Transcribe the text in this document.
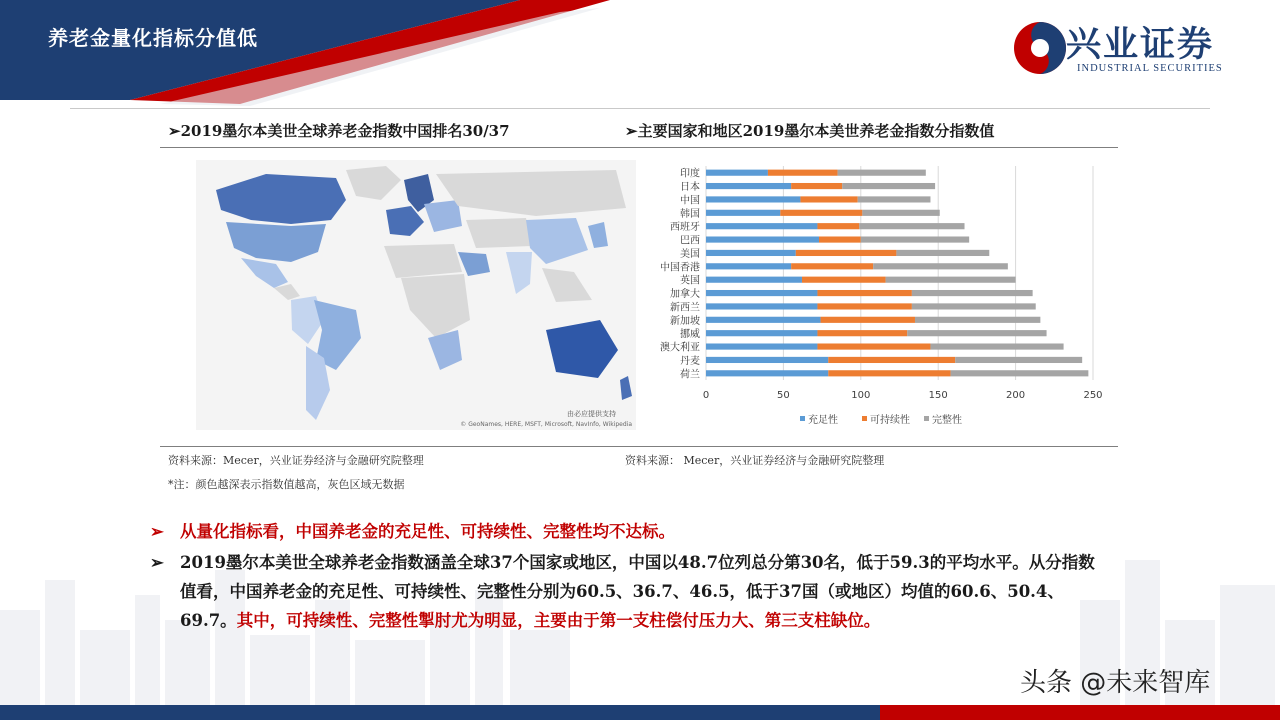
养老金量化指标分值低	兴业证券
INDUSTRIAL SECURITIES
➢2019墨尔本美世全球养老金指数中国排名30/37	➢主要国家和地区2019墨尔本美世养老金指数分指数值
由必应提供支持
© GeoNames, HERE, MSFT, Microsoft, NavInfo, Wikipedia
0	50	100	150	200	250
印度
日本
中国
韩国
西班牙
巴西
美国
中国香港
英国
加拿大
新西兰
新加坡
挪威
澳大利亚
丹麦
荷兰
充足性	可持续性 完整性
资料来源：Mecer，兴业证券经济与金融研究院整理	资料来源： Mecer，兴业证券经济与金融研究院整理
*注：颜色越深表示指数值越高，灰色区域无数据
➢ 从量化指标看，中国养老金的充足性、可持续性、完整性均不达标。
➢ 2019墨尔本美世全球养老金指数涵盖全球37个国家或地区，中国以48.7位列总分第30名，低于59.3的平均水平。从分指数值看，中国养老金的充足性、可持续性、完整性分别为60.5、36.7、46.5，低于37国（或地区）均值的60.6、50.4、69.7。其中，可持续性、完整性掣肘尤为明显，主要由于第一支柱偿付压力大、第三支柱缺位。
头条 @未来智库
